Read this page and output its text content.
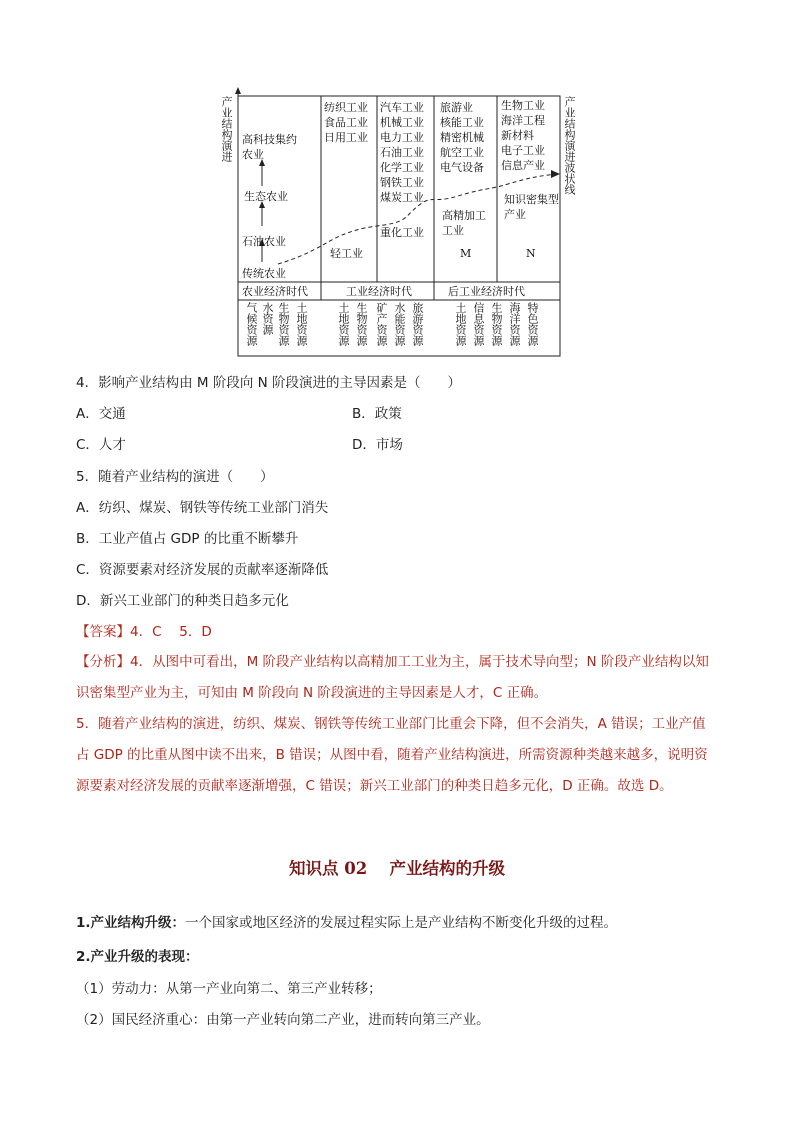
产业结构演进	产业结构演进波状线
高科技集约农业
生态农业
石油农业
传统农业
纺织工业
食品工业
日用工业
轻工业
汽车工业
机械工业
电力工业
石油工业
化学工业
钢铁工业
煤炭工业
重化工业
旅游业
核能工业
精密机械
航空工业
电气设备
高精加工工业
M
生物工业
海洋工程
新材料
电子工业
信息产业
知识密集型产业
N
农业经济时代	工业经济时代	后工业经济时代
气候资源 水资源 生物资源 土地资源	土地资源 生物资源 矿产资源 水能资源 旅游资源	土地资源 信息资源 生物资源 海洋资源 特色资源
4．影响产业结构由 M 阶段向 N 阶段演进的主导因素是（　　）
A．交通	B．政策
C．人才	D．市场
5．随着产业结构的演进（　　）
A．纺织、煤炭、钢铁等传统工业部门消失
B．工业产值占 GDP 的比重不断攀升
C．资源要素对经济发展的贡献率逐渐降低
D．新兴工业部门的种类日趋多元化
【答案】4．C　 5．D
【分析】4．从图中可看出，M 阶段产业结构以高精加工工业为主，属于技术导向型；N 阶段产业结构以知识密集型产业为主，可知由 M 阶段向 N 阶段演进的主导因素是人才，C 正确。
5．随着产业结构的演进，纺织、煤炭、钢铁等传统工业部门比重会下降，但不会消失，A 错误；工业产值占 GDP 的比重从图中读不出来，B 错误；从图中看，随着产业结构演进，所需资源种类越来越多，说明资源要素对经济发展的贡献率逐渐增强，C 错误；新兴工业部门的种类日趋多元化，D 正确。故选 D。
知识点 02　 产业结构的升级
1.产业结构升级：一个国家或地区经济的发展过程实际上是产业结构不断变化升级的过程。
2.产业升级的表现：
（1）劳动力：从第一产业向第二、第三产业转移；
（2）国民经济重心：由第一产业转向第二产业，进而转向第三产业。
